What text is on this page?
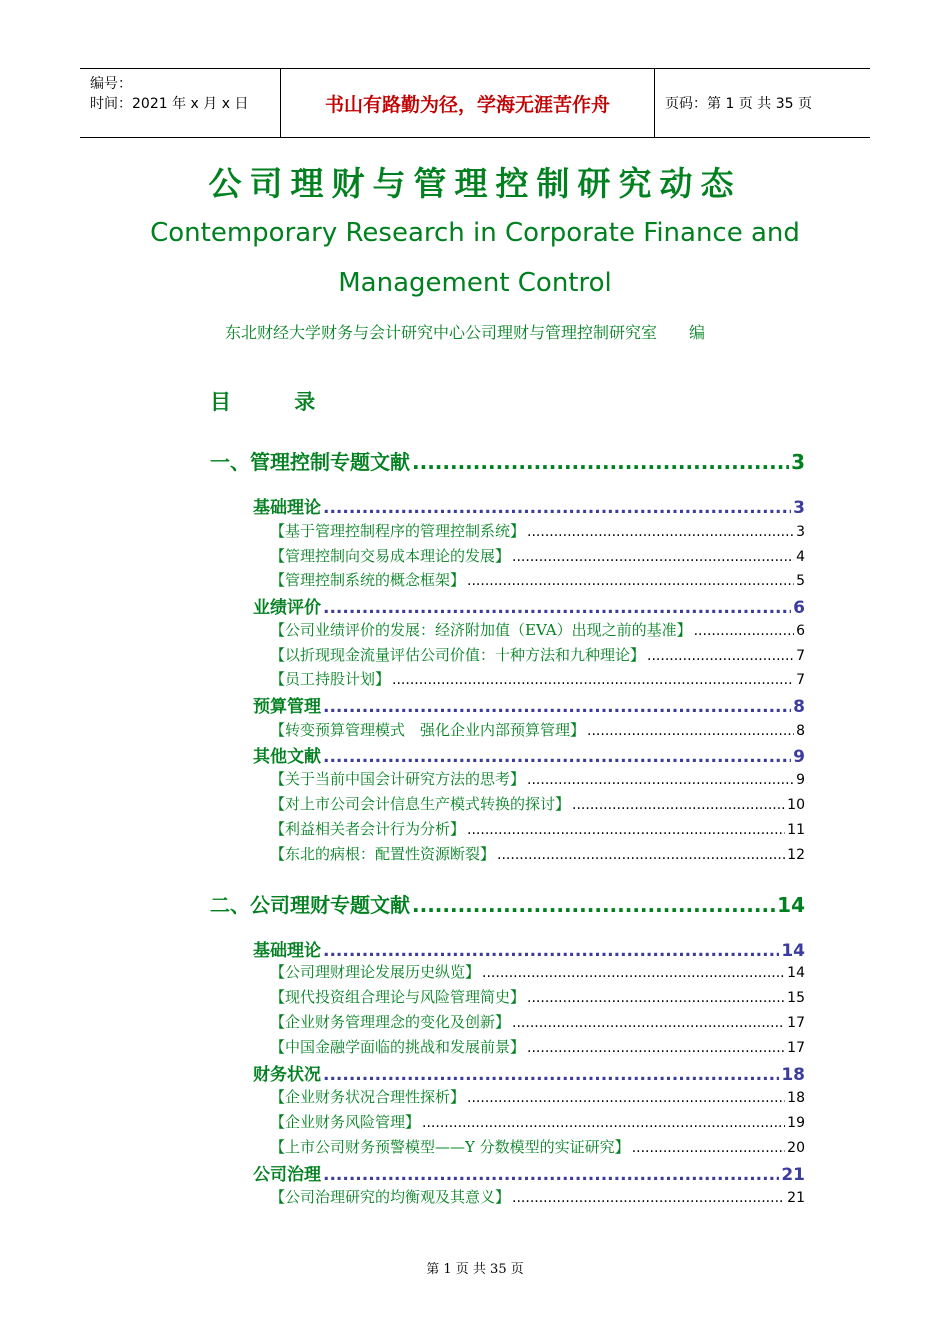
编号：
时间：2021 年 x 月 x 日	书山有路勤为径，学海无涯苦作舟	页码：第 1 页 共 35 页
公司理财与管理控制研究动态
Contemporary Research in Corporate Finance and
Management Control
东北财经大学财务与会计研究中心公司理财与管理控制研究室 编
目 录
一、管理控制专题文献 .....	3
基础理论 .....	3
【基于管理控制程序的管理控制系统】 .....	3
【管理控制向交易成本理论的发展】 .....	4
【管理控制系统的概念框架】 .....	5
业绩评价 .....	6
【公司业绩评价的发展：经济附加值（EVA）出现之前的基准】 .....	6
【以折现现金流量评估公司价值：十种方法和九种理论】 .....	7
【员工持股计划】 .....	7
预算管理 .....	8
【转变预算管理模式　强化企业内部预算管理】 .....	8
其他文献 .....	9
【关于当前中国会计研究方法的思考】 .....	9
【对上市公司会计信息生产模式转换的探讨】 .....	10
【利益相关者会计行为分析】 .....	11
【东北的病根：配置性资源断裂】 .....	12
二、公司理财专题文献 .....	14
基础理论 .....	14
【公司理财理论发展历史纵览】 .....	14
【现代投资组合理论与风险管理简史】 .....	15
【企业财务管理理念的变化及创新】 .....	17
【中国金融学面临的挑战和发展前景】 .....	17
财务状况 .....	18
【企业财务状况合理性探析】 .....	18
【企业财务风险管理】 .....	19
【上市公司财务预警模型——Y 分数模型的实证研究】 .....	20
公司治理 .....	21
【公司治理研究的均衡观及其意义】 .....	21
第 1 页 共 35 页
